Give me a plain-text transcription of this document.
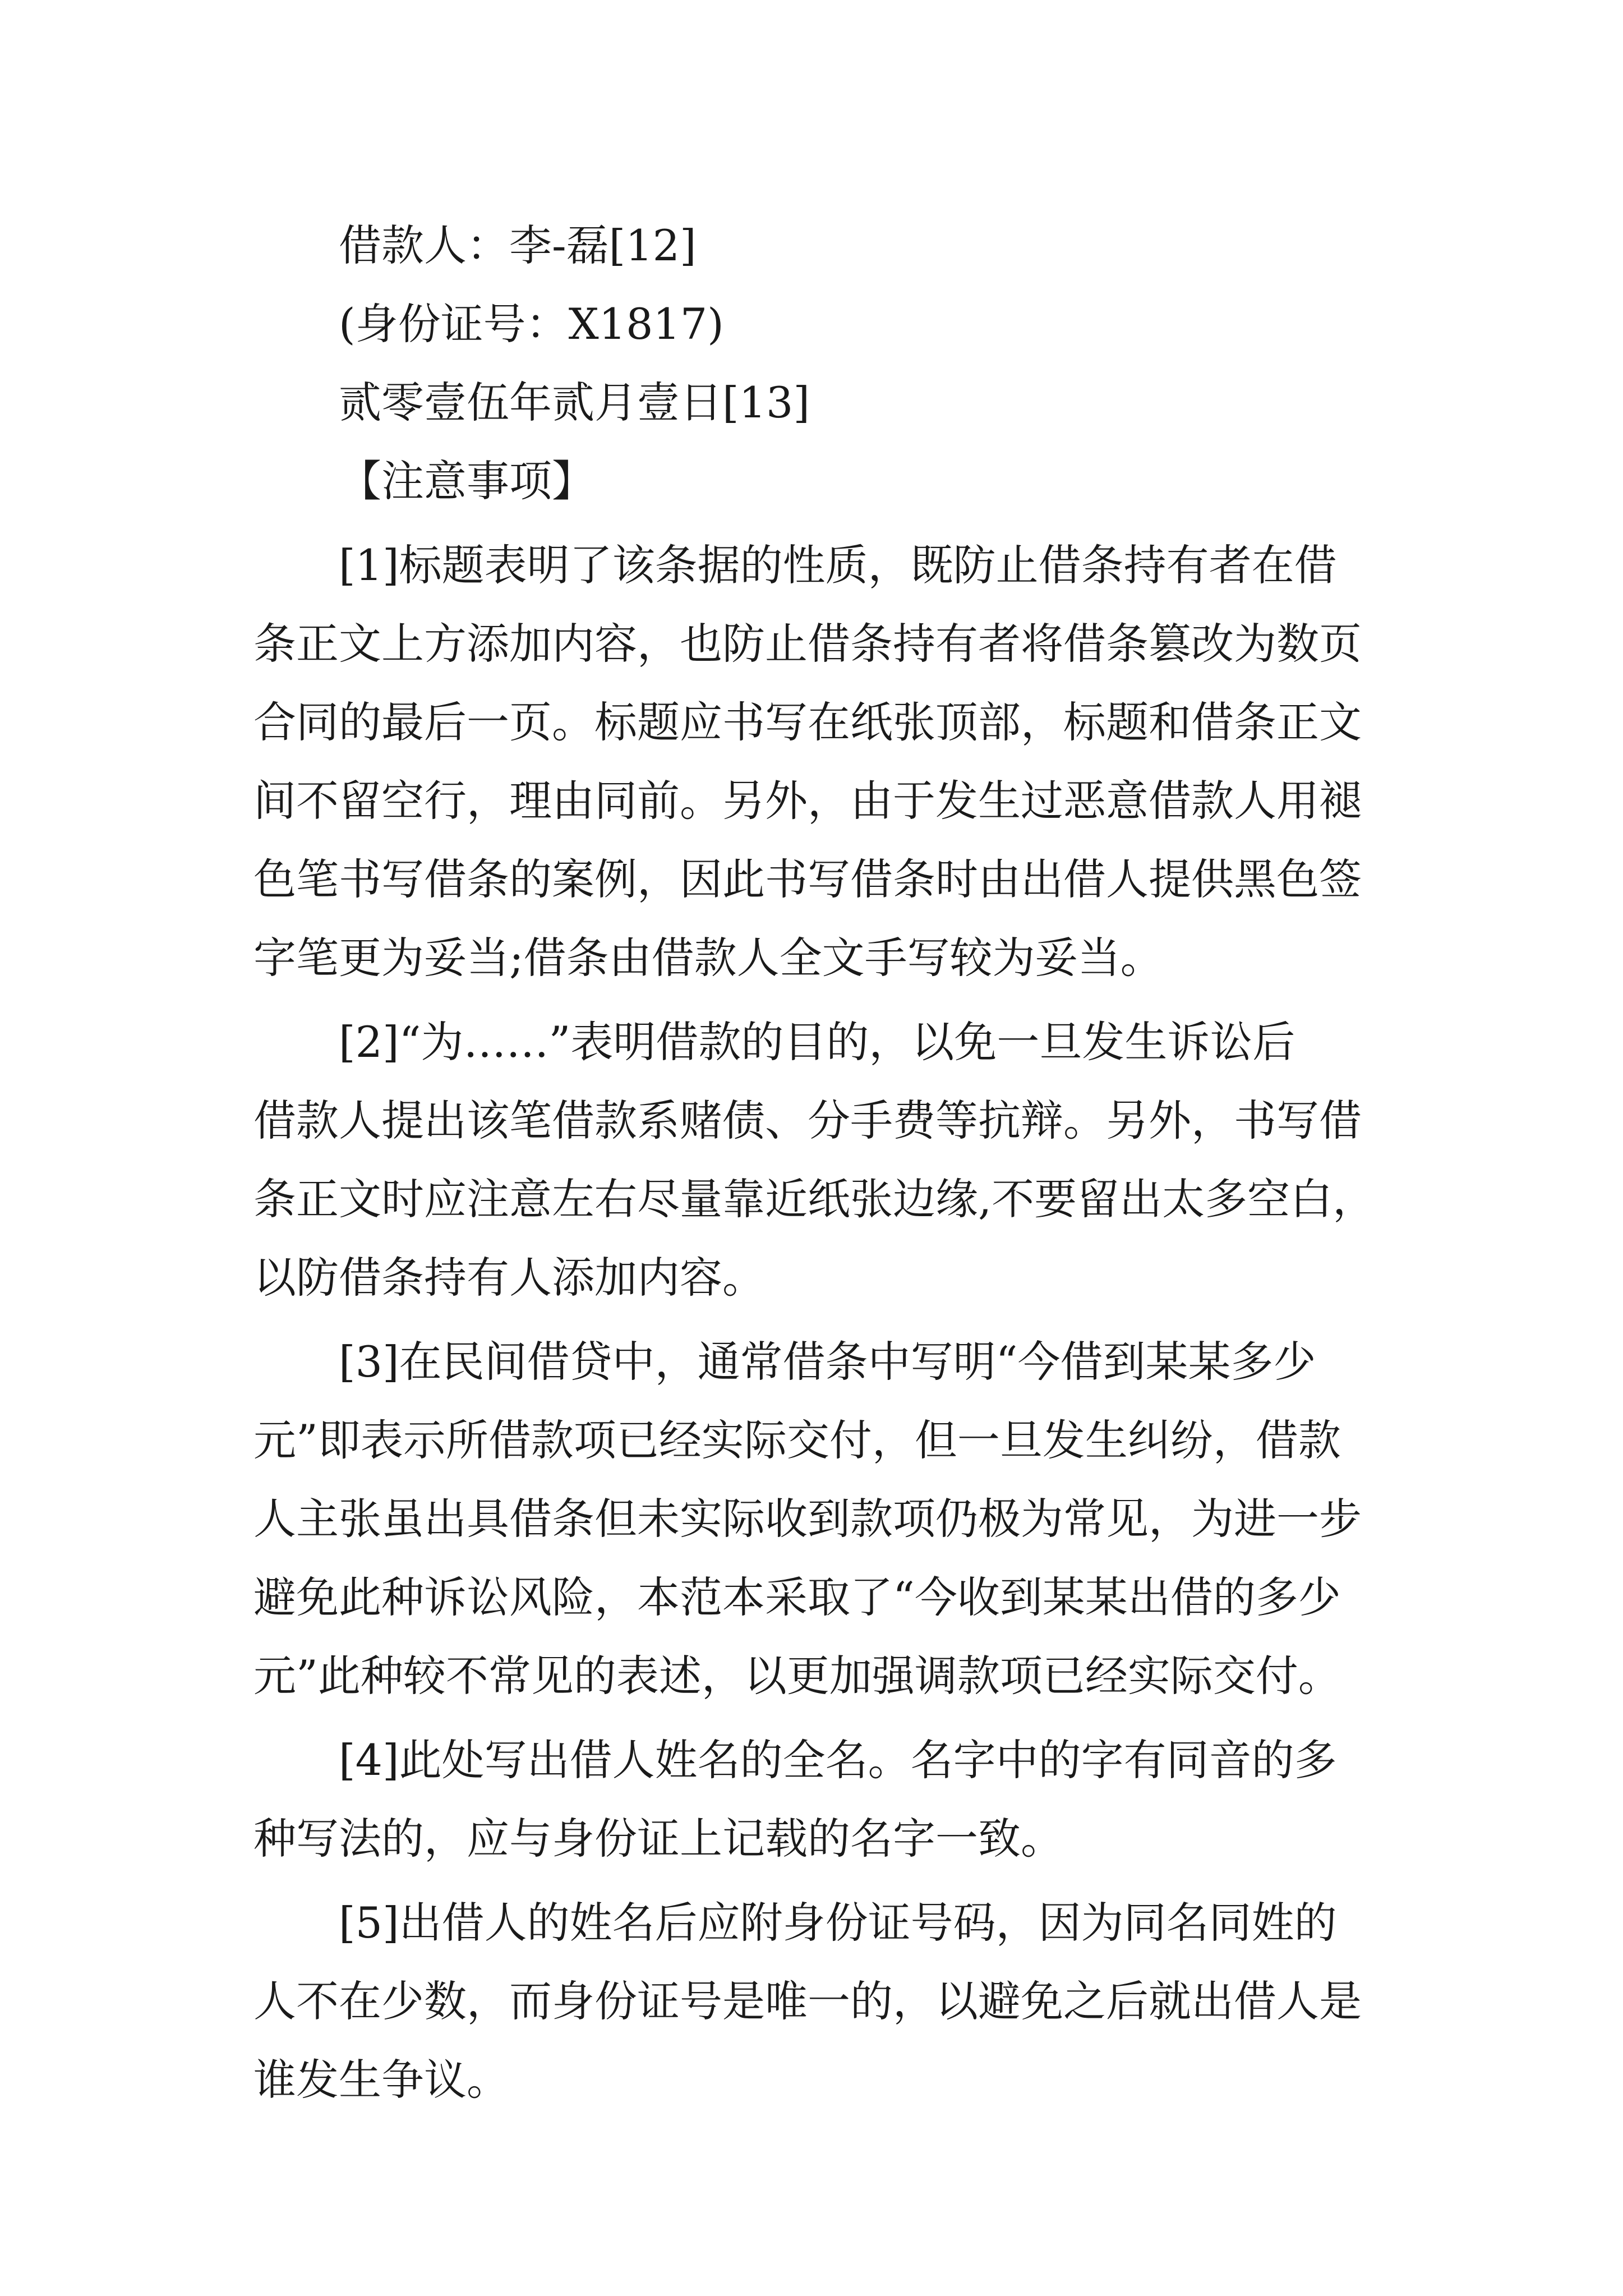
借款人：李-磊[12]
(身份证号：X1817)
贰零壹伍年贰月壹日[13]
【注意事项】
[1]标题表明了该条据的性质，既防止借条持有者在借
条正文上方添加内容，也防止借条持有者将借条篡改为数页
合同的最后一页。标题应书写在纸张顶部，标题和借条正文
间不留空行，理由同前。另外，由于发生过恶意借款人用褪
色笔书写借条的案例，因此书写借条时由出借人提供黑色签
字笔更为妥当;借条由借款人全文手写较为妥当。
[2]“为……”表明借款的目的，以免一旦发生诉讼后
借款人提出该笔借款系赌债、分手费等抗辩。另外，书写借
条正文时应注意左右尽量靠近纸张边缘,不要留出太多空白，
以防借条持有人添加内容。
[3]在民间借贷中，通常借条中写明“今借到某某多少
元”即表示所借款项已经实际交付，但一旦发生纠纷，借款
人主张虽出具借条但未实际收到款项仍极为常见，为进一步
避免此种诉讼风险，本范本采取了“今收到某某出借的多少
元”此种较不常见的表述，以更加强调款项已经实际交付。
[4]此处写出借人姓名的全名。名字中的字有同音的多
种写法的，应与身份证上记载的名字一致。
[5]出借人的姓名后应附身份证号码，因为同名同姓的
人不在少数，而身份证号是唯一的，以避免之后就出借人是
谁发生争议。
